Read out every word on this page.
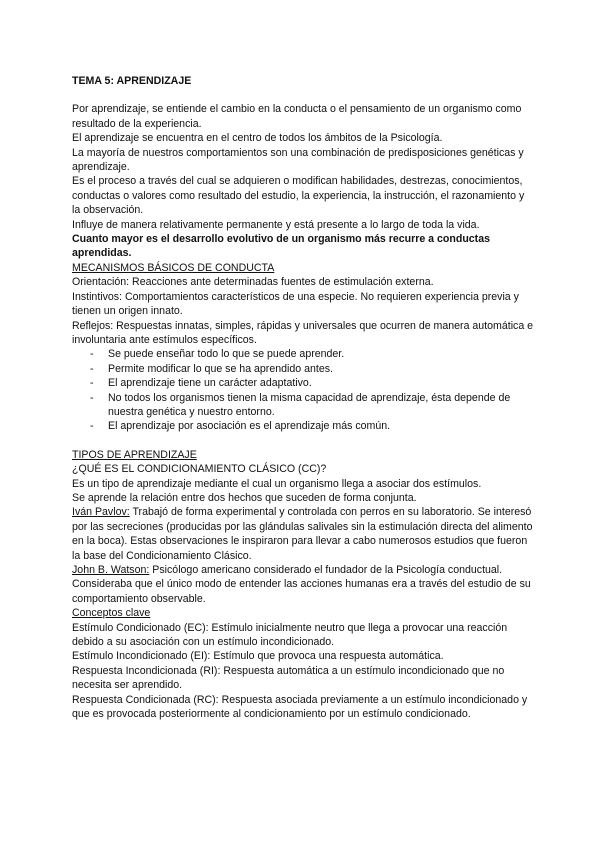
TEMA 5: APRENDIZAJE

Por aprendizaje, se entiende el cambio en la conducta o el pensamiento de un organismo como resultado de la experiencia.

El aprendizaje se encuentra en el centro de todos los ámbitos de la Psicología.

La mayoría de nuestros comportamientos son una combinación de predisposiciones genéticas y aprendizaje.

Es el proceso a través del cual se adquieren o modifican habilidades, destrezas, conocimientos, conductas o valores como resultado del estudio, la experiencia, la instrucción, el razonamiento y la observación.

Influye de manera relativamente permanente y está presente a lo largo de toda la vida.

Cuanto mayor es el desarrollo evolutivo de un organismo más recurre a conductas aprendidas.

MECANISMOS BÁSICOS DE CONDUCTA

Orientación: Reacciones ante determinadas fuentes de estimulación externa.

Instintivos: Comportamientos característicos de una especie. No requieren experiencia previa y tienen un origen innato.

Reflejos: Respuestas innatas, simples, rápidas y universales que ocurren de manera automática e involuntaria ante estímulos específicos.

- Se puede enseñar todo lo que se puede aprender.
- Permite modificar lo que se ha aprendido antes.
- El aprendizaje tiene un carácter adaptativo.
- No todos los organismos tienen la misma capacidad de aprendizaje, ésta depende de nuestra genética y nuestro entorno.
- El aprendizaje por asociación es el aprendizaje más común.

TIPOS DE APRENDIZAJE

¿QUÉ ES EL CONDICIONAMIENTO CLÁSICO (CC)?

Es un tipo de aprendizaje mediante el cual un organismo llega a asociar dos estímulos.

Se aprende la relación entre dos hechos que suceden de forma conjunta.

Iván Pavlov: Trabajó de forma experimental y controlada con perros en su laboratorio. Se interesó por las secreciones (producidas por las glándulas salivales sin la estimulación directa del alimento en la boca). Estas observaciones le inspiraron para llevar a cabo numerosos estudios que fueron la base del Condicionamiento Clásico.

John B. Watson: Psicólogo americano considerado el fundador de la Psicología conductual. Consideraba que el único modo de entender las acciones humanas era a través del estudio de su comportamiento observable.

Conceptos clave

Estímulo Condicionado (EC): Estímulo inicialmente neutro que llega a provocar una reacción debido a su asociación con un estímulo incondicionado.

Estímulo Incondicionado (EI): Estímulo que provoca una respuesta automática.

Respuesta Incondicionada (RI): Respuesta automática a un estímulo incondicionado que no necesita ser aprendido.

Respuesta Condicionada (RC): Respuesta asociada previamente a un estímulo incondicionado y que es provocada posteriormente al condicionamiento por un estímulo condicionado.
